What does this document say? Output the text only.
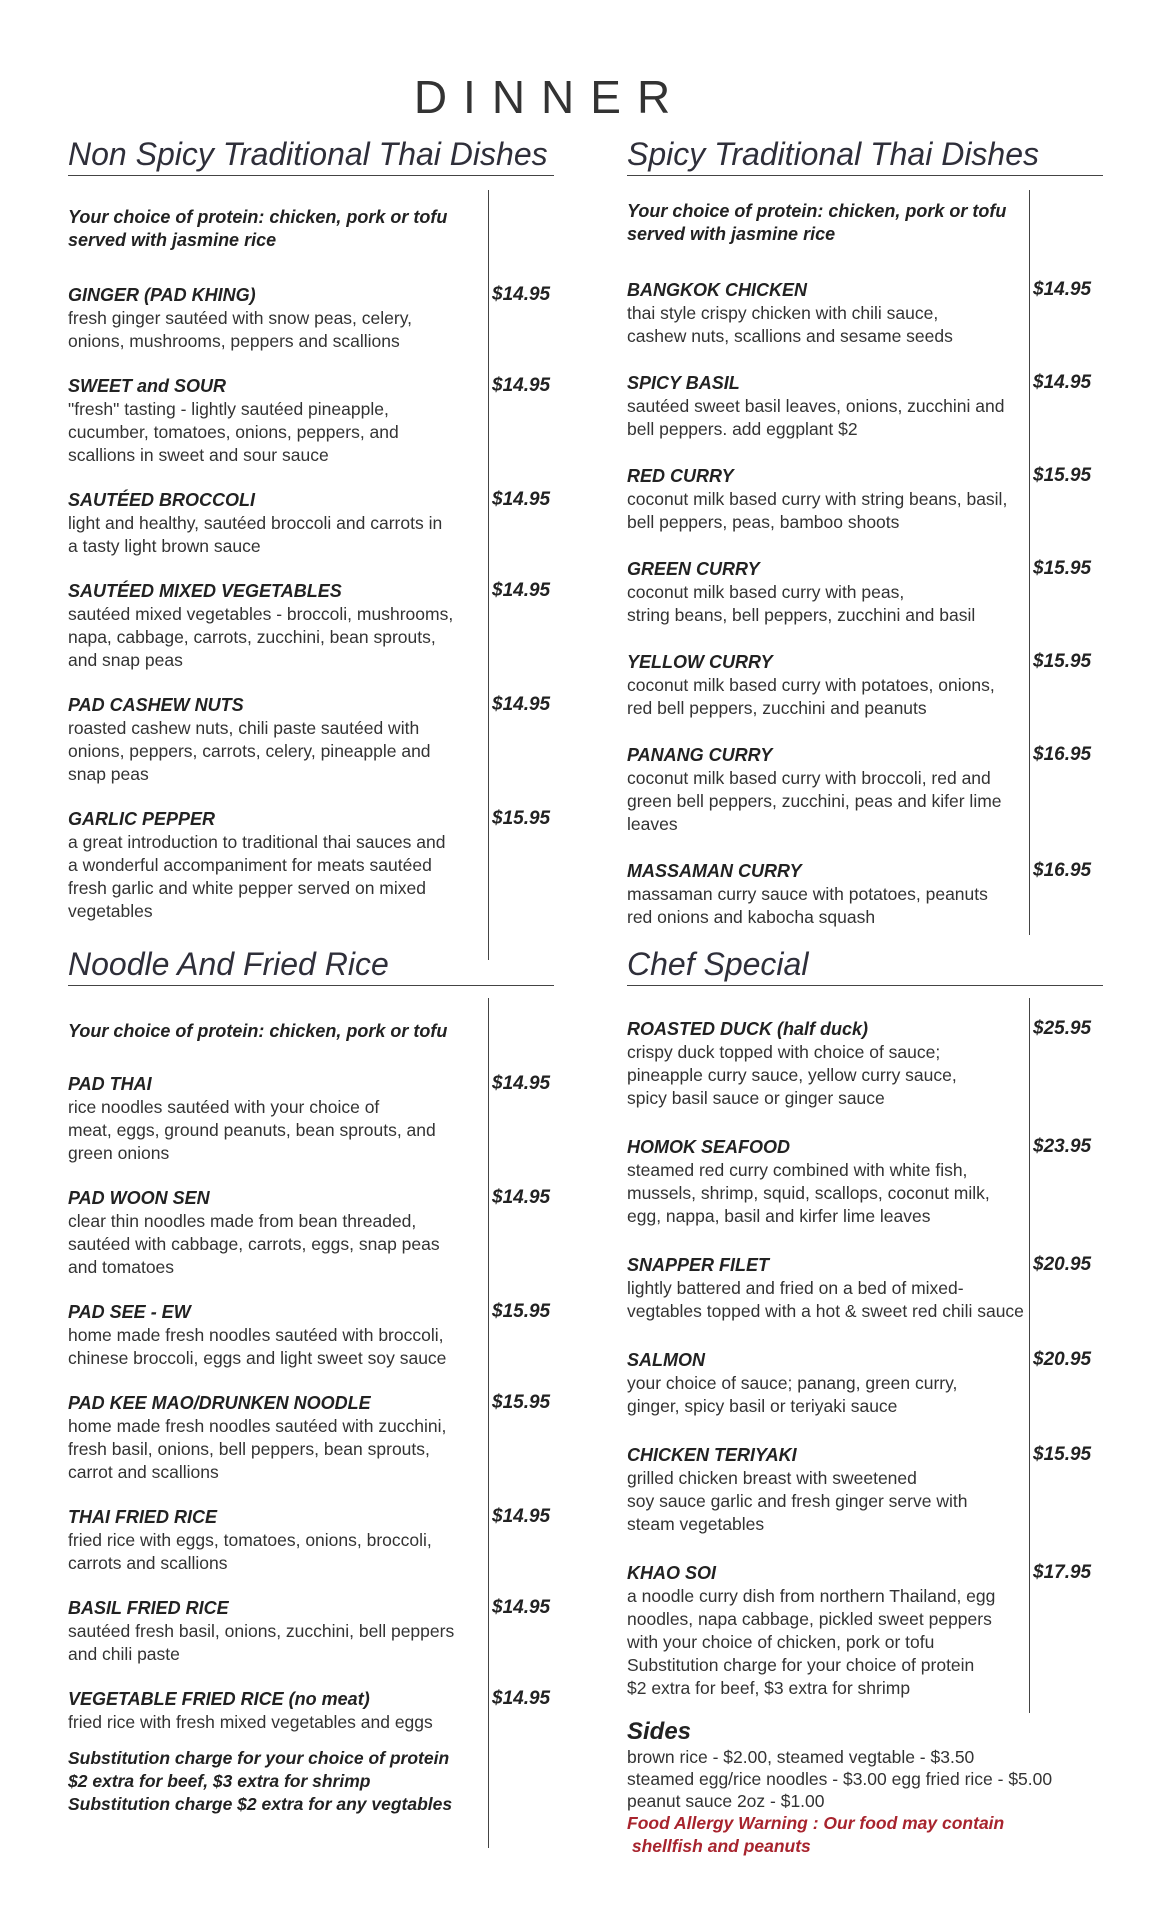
DINNER
Non Spicy Traditional Thai Dishes
Your choice of protein: chicken, pork or tofu
served with jasmine rice
GINGER (PAD KHING)	$14.95
fresh ginger sautéed with snow peas, celery,
onions, mushrooms, peppers and scallions
SWEET and SOUR	$14.95
"fresh" tasting - lightly sautéed pineapple,
cucumber, tomatoes, onions, peppers, and
scallions in sweet and sour sauce
SAUTÉED BROCCOLI	$14.95
light and healthy, sautéed broccoli and carrots in
a tasty light brown sauce
SAUTÉED MIXED VEGETABLES	$14.95
sautéed mixed vegetables - broccoli, mushrooms,
napa, cabbage, carrots, zucchini, bean sprouts,
and snap peas
PAD CASHEW NUTS	$14.95
roasted cashew nuts, chili paste sautéed with
onions, peppers, carrots, celery, pineapple and
snap peas
GARLIC PEPPER	$15.95
a great introduction to traditional thai sauces and
a wonderful accompaniment for meats sautéed
fresh garlic and white pepper served on mixed
vegetables
Spicy Traditional Thai Dishes
Your choice of protein: chicken, pork or tofu
served with jasmine rice
BANGKOK CHICKEN	$14.95
thai style crispy chicken with chili sauce,
cashew nuts, scallions and sesame seeds
SPICY BASIL	$14.95
sautéed sweet basil leaves, onions, zucchini and
bell peppers. add eggplant $2
RED CURRY	$15.95
coconut milk based curry with string beans, basil,
bell peppers, peas, bamboo shoots
GREEN CURRY	$15.95
coconut milk based curry with peas,
string beans, bell peppers, zucchini and basil
YELLOW CURRY	$15.95
coconut milk based curry with potatoes, onions,
red bell peppers, zucchini and peanuts
PANANG CURRY	$16.95
coconut milk based curry with broccoli, red and
green bell peppers, zucchini, peas and kifer lime
leaves
MASSAMAN CURRY	$16.95
massaman curry sauce with potatoes, peanuts
red onions and kabocha squash
Noodle And Fried Rice
Your choice of protein: chicken, pork or tofu
PAD THAI	$14.95
rice noodles sautéed with your choice of
meat, eggs, ground peanuts, bean sprouts, and
green onions
PAD WOON SEN	$14.95
clear thin noodles made from bean threaded,
sautéed with cabbage, carrots, eggs, snap peas
and tomatoes
PAD SEE - EW	$15.95
home made fresh noodles sautéed with broccoli,
chinese broccoli, eggs and light sweet soy sauce
PAD KEE MAO/DRUNKEN NOODLE	$15.95
home made fresh noodles sautéed with zucchini,
fresh basil, onions, bell peppers, bean sprouts,
carrot and scallions
THAI FRIED RICE	$14.95
fried rice with eggs, tomatoes, onions, broccoli,
carrots and scallions
BASIL FRIED RICE	$14.95
sautéed fresh basil, onions, zucchini, bell peppers
and chili paste
VEGETABLE FRIED RICE (no meat)	$14.95
fried rice with fresh mixed vegetables and eggs
Substitution charge for your choice of protein
$2 extra for beef, $3 extra for shrimp
Substitution charge $2 extra for any vegtables
Chef Special
ROASTED DUCK (half duck)	$25.95
crispy duck topped with choice of sauce;
pineapple curry sauce, yellow curry sauce,
spicy basil sauce or ginger sauce
HOMOK SEAFOOD	$23.95
steamed red curry combined with white fish,
mussels, shrimp, squid, scallops, coconut milk,
egg, nappa, basil and kirfer lime leaves
SNAPPER FILET	$20.95
lightly battered and fried on a bed of mixed-
vegtables topped with a hot & sweet red chili sauce
SALMON	$20.95
your choice of sauce; panang, green curry,
ginger, spicy basil or teriyaki sauce
CHICKEN TERIYAKI	$15.95
grilled chicken breast with sweetened
soy sauce garlic and fresh ginger serve with
steam vegetables
KHAO SOI	$17.95
a noodle curry dish from northern Thailand, egg
noodles, napa cabbage, pickled sweet peppers
with your choice of chicken, pork or tofu
Substitution charge for your choice of protein
$2 extra for beef, $3 extra for shrimp
Sides
brown rice - $2.00, steamed vegtable - $3.50
steamed egg/rice noodles - $3.00 egg fried rice - $5.00
peanut sauce 2oz - $1.00
Food Allergy Warning : Our food may contain
shellfish and peanuts
